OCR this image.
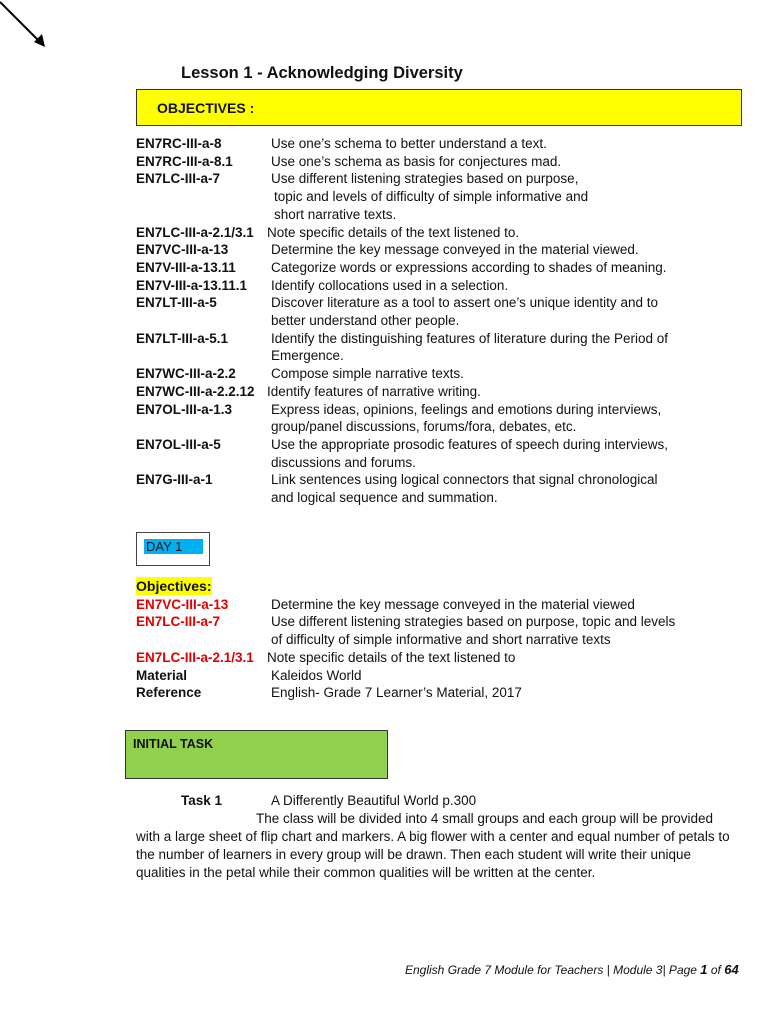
Lesson 1 - Acknowledging Diversity
OBJECTIVES :
EN7RC-III-a-8	Use one’s schema to better understand a text.
EN7RC-III-a-8.1	Use one’s schema as basis for conjectures mad.
EN7LC-III-a-7	Use different listening strategies based on purpose,
topic and levels of difficulty of simple informative and
short narrative texts.
EN7LC-III-a-2.1/3.1 Note specific details of the text listened to.
EN7VC-III-a-13	Determine the key message conveyed in the material viewed.
EN7V-III-a-13.11	Categorize words or expressions according to shades of meaning.
EN7V-III-a-13.11.1 Identify collocations used in a selection.
EN7LT-III-a-5	Discover literature as a tool to assert one’s unique identity and to
better understand other people.
EN7LT-III-a-5.1	Identify the distinguishing features of literature during the Period of
Emergence.
EN7WC-III-a-2.2	Compose simple narrative texts.
EN7WC-III-a-2.2.12 Identify features of narrative writing.
EN7OL-III-a-1.3	Express ideas, opinions, feelings and emotions during interviews,
group/panel discussions, forums/fora, debates, etc.
EN7OL-III-a-5	Use the appropriate prosodic features of speech during interviews,
discussions and forums.
EN7G-III-a-1	Link sentences using logical connectors that signal chronological
and logical sequence and summation.
DAY 1
Objectives:
EN7VC-III-a-13	Determine the key message conveyed in the material viewed
EN7LC-III-a-7	Use different listening strategies based on purpose, topic and levels
of difficulty of simple informative and short narrative texts
EN7LC-III-a-2.1/3.1 Note specific details of the text listened to
Material	Kaleidos World
Reference	English- Grade 7 Learner’s Material, 2017
INITIAL TASK
Task 1	A Differently Beautiful World p.300
The class will be divided into 4 small groups and each group will be provided with a large sheet of flip chart and markers. A big flower with a center and equal number of petals to the number of learners in every group will be drawn. Then each student will write their unique qualities in the petal while their common qualities will be written at the center.
English Grade 7 Module for Teachers | Module 3| Page 1 of 64
